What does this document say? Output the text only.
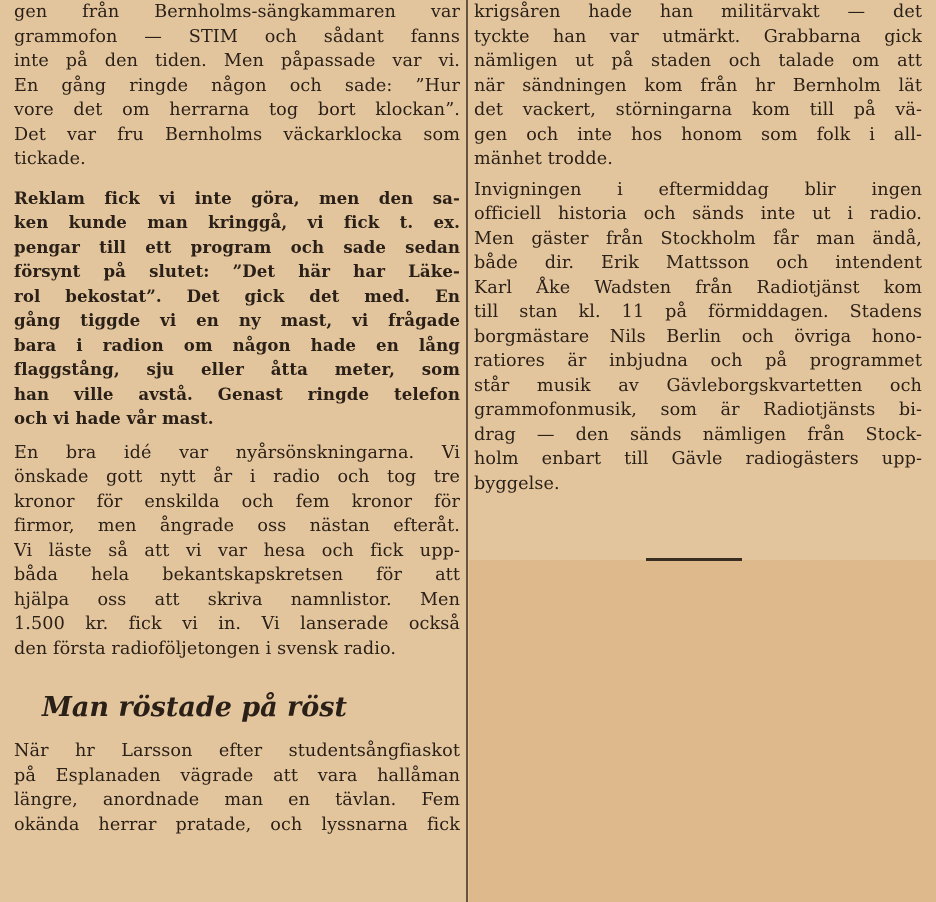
gen från Bernholms-sängkammaren var
grammofon — STIM och sådant fanns
inte på den tiden. Men påpassade var vi.
En gång ringde någon och sade: ”Hur
vore det om herrarna tog bort klockan”.
Det var fru Bernholms väckarklocka som
tickade.
Reklam fick vi inte göra, men den sa-
ken kunde man kringgå, vi fick t. ex.
pengar till ett program och sade sedan
försynt på slutet: ”Det här har Läke-
rol bekostat”. Det gick det med. En
gång tiggde vi en ny mast, vi frågade
bara i radion om någon hade en lång
flaggstång, sju eller åtta meter, som
han ville avstå. Genast ringde telefon
och vi hade vår mast.
En bra idé var nyårsönskningarna. Vi
önskade gott nytt år i radio och tog tre
kronor för enskilda och fem kronor för
firmor, men ångrade oss nästan efteråt.
Vi läste så att vi var hesa och fick upp-
båda hela bekantskapskretsen för att
hjälpa oss att skriva namnlistor. Men
1.500 kr. fick vi in. Vi lanserade också
den första radioföljetongen i svensk radio.
Man röstade på röst
När hr Larsson efter studentsångfiaskot
på Esplanaden vägrade att vara hallåman
längre, anordnade man en tävlan. Fem
okända herrar pratade, och lyssnarna fick
krigsåren hade han militärvakt — det
tyckte han var utmärkt. Grabbarna gick
nämligen ut på staden och talade om att
när sändningen kom från hr Bernholm lät
det vackert, störningarna kom till på vä-
gen och inte hos honom som folk i all-
mänhet trodde.
Invigningen i eftermiddag blir ingen
officiell historia och sänds inte ut i radio.
Men gäster från Stockholm får man ändå,
både dir. Erik Mattsson och intendent
Karl Åke Wadsten från Radiotjänst kom
till stan kl. 11 på förmiddagen. Stadens
borgmästare Nils Berlin och övriga hono-
ratiores är inbjudna och på programmet
står musik av Gävleborgskvartetten och
grammofonmusik, som är Radiotjänsts bi-
drag — den sänds nämligen från Stock-
holm enbart till Gävle radiogästers upp-
byggelse.
